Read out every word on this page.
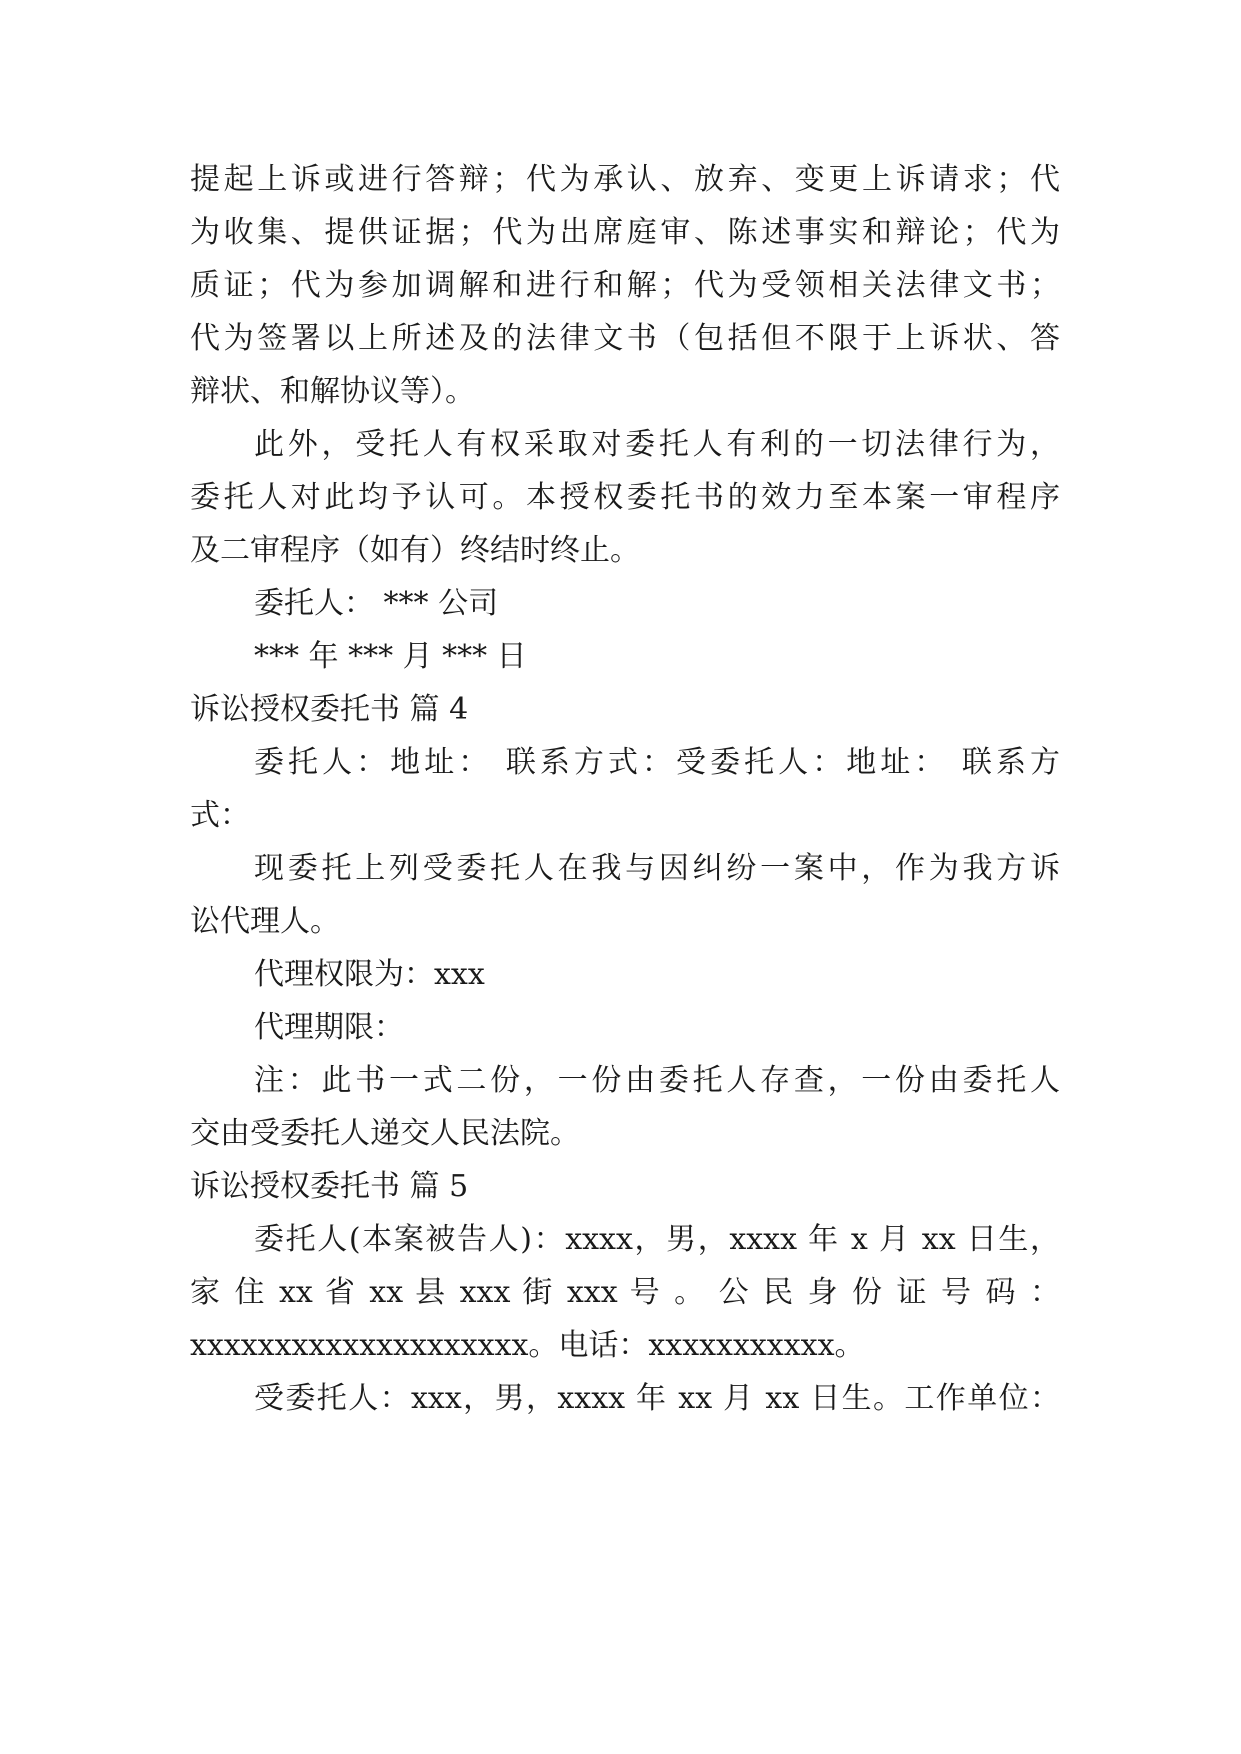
提起上诉或进行答辩；代为承认、放弃、变更上诉请求；代
为收集、提供证据；代为出席庭审、陈述事实和辩论；代为
质证；代为参加调解和进行和解；代为受领相关法律文书；
代为签署以上所述及的法律文书（包括但不限于上诉状、答
辩状、和解协议等）。
此外，受托人有权采取对委托人有利的一切法律行为，
委托人对此均予认可。本授权委托书的效力至本案一审程序
及二审程序（如有）终结时终止。
委托人： *** 公司
*** 年 *** 月 *** 日
诉讼授权委托书 篇 4
委托人：地址： 联系方式：受委托人：地址： 联系方
式：
现委托上列受委托人在我与因纠纷一案中，作为我方诉
讼代理人。
代理权限为：xxx
代理期限：
注：此书一式二份，一份由委托人存查，一份由委托人
交由受委托人递交人民法院。
诉讼授权委托书 篇 5
委托人(本案被告人)：xxxx，男，xxxx 年 x 月 xx 日生，
家 住 xx 省 xx 县 xxx 街 xxx 号 。 公 民 身 份 证 号 码 ：
xxxxxxxxxxxxxxxxxxxx。电话：xxxxxxxxxxx。
受委托人：xxx，男，xxxx 年 xx 月 xx 日生。工作单位：
